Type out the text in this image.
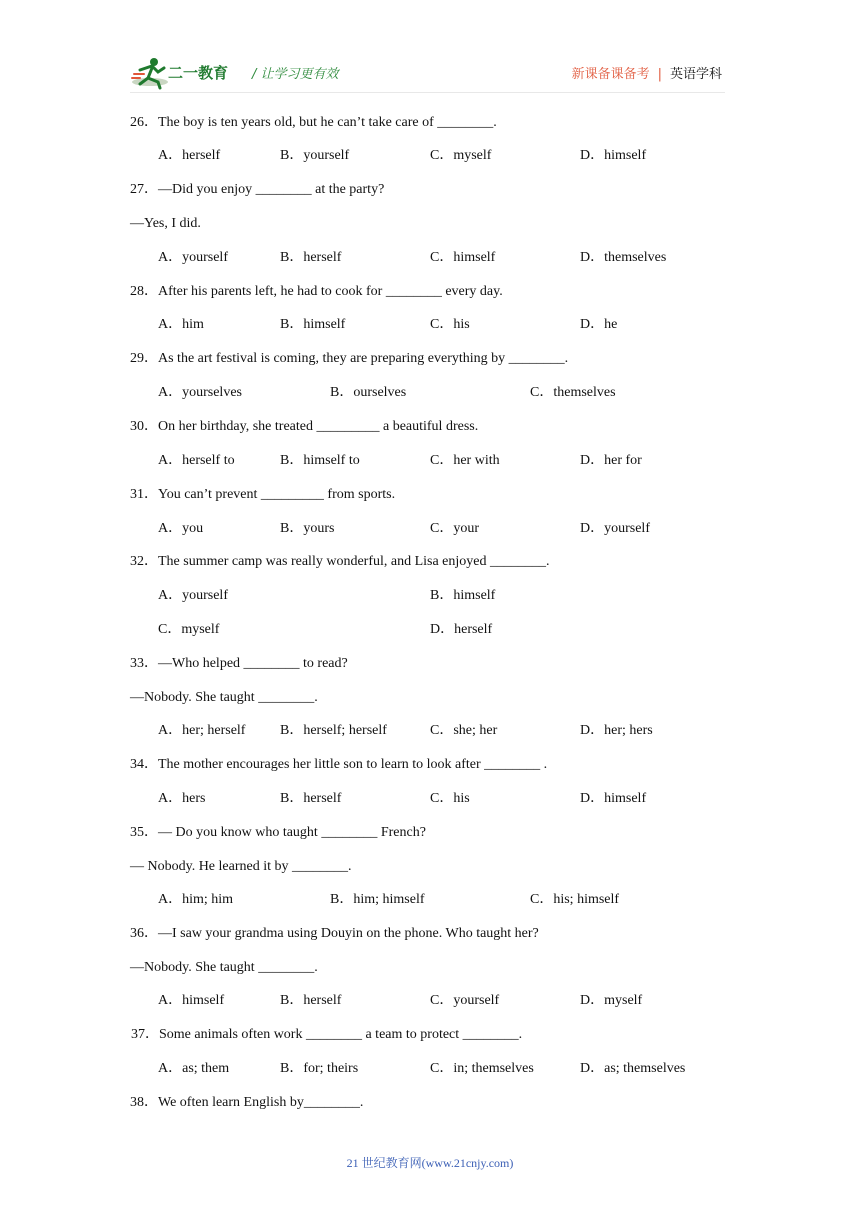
二一教育 / 让学习更有效	新课备课备考 | 英语学科
26．The boy is ten years old, but he can’t take care of ________.
A．herself	B．yourself	C．myself	D．himself
27．—Did you enjoy ________ at the party?
—Yes, I did.
A．yourself	B．herself	C．himself	D．themselves
28．After his parents left, he had to cook for ________ every day.
A．him	B．himself	C．his	D．he
29．As the art festival is coming, they are preparing everything by ________.
A．yourselves	B．ourselves	C．themselves
30．On her birthday, she treated _________ a beautiful dress.
A．herself to	B．himself to	C．her with	D．her for
31．You can’t prevent _________ from sports.
A．you	B．yours	C．your	D．yourself
32．The summer camp was really wonderful, and Lisa enjoyed ________.
A．yourself	B．himself
C．myself	D．herself
33．—Who helped ________ to read?
—Nobody. She taught ________.
A．her; herself B．herself; herself	C．she; her	D．her; hers
34．The mother encourages her little son to learn to look after ________ .
A．hers	B．herself	C．his	D．himself
35．— Do you know who taught ________ French?
— Nobody. He learned it by ________.
A．him; him	B．him; himself	C．his; himself
36．—I saw your grandma using Douyin on the phone. Who taught her?
—Nobody. She taught ________.
A．himself	B．herself	C．yourself	D．myself
37．Some animals often work ________ a team to protect ________.
A．as; them	B．for; theirs	C．in; themselves	D．as; themselves
38．We often learn English by________.
21 世纪教育网(www.21cnjy.com)
